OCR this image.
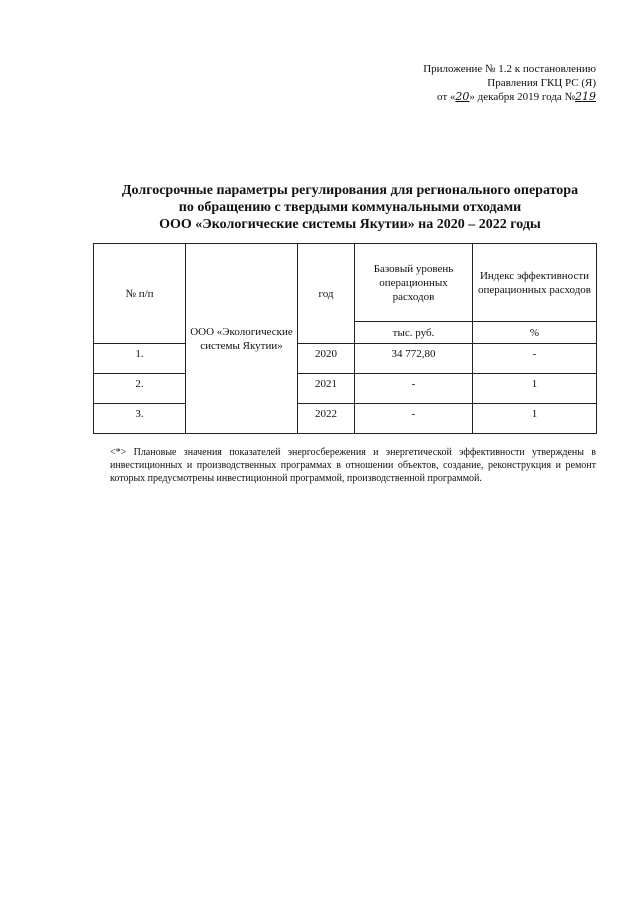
Приложение № 1.2 к постановлению
Правления ГКЦ РС (Я)
от «20» декабря 2019 года №219
Долгосрочные параметры регулирования для регионального оператора
по обращению с твердыми коммунальными отходами
ООО «Экологические системы Якутии» на 2020 – 2022 годы
№ п/п	ООО «Экологические системы Якутии»	год	Базовый уровень операционных расходов	Индекс эффективности операционных расходов
			тыс. руб.	%
1.		2020	34 772,80	-
2.		2021	-	1
3.		2022	-	1
<*> Плановые значения показателей энергосбережения и энергетической эффективности утверждены в инвестиционных и производственных программах в отношении объектов, создание, реконструкция и ремонт которых предусмотрены инвестиционной программой, производственной программой.
